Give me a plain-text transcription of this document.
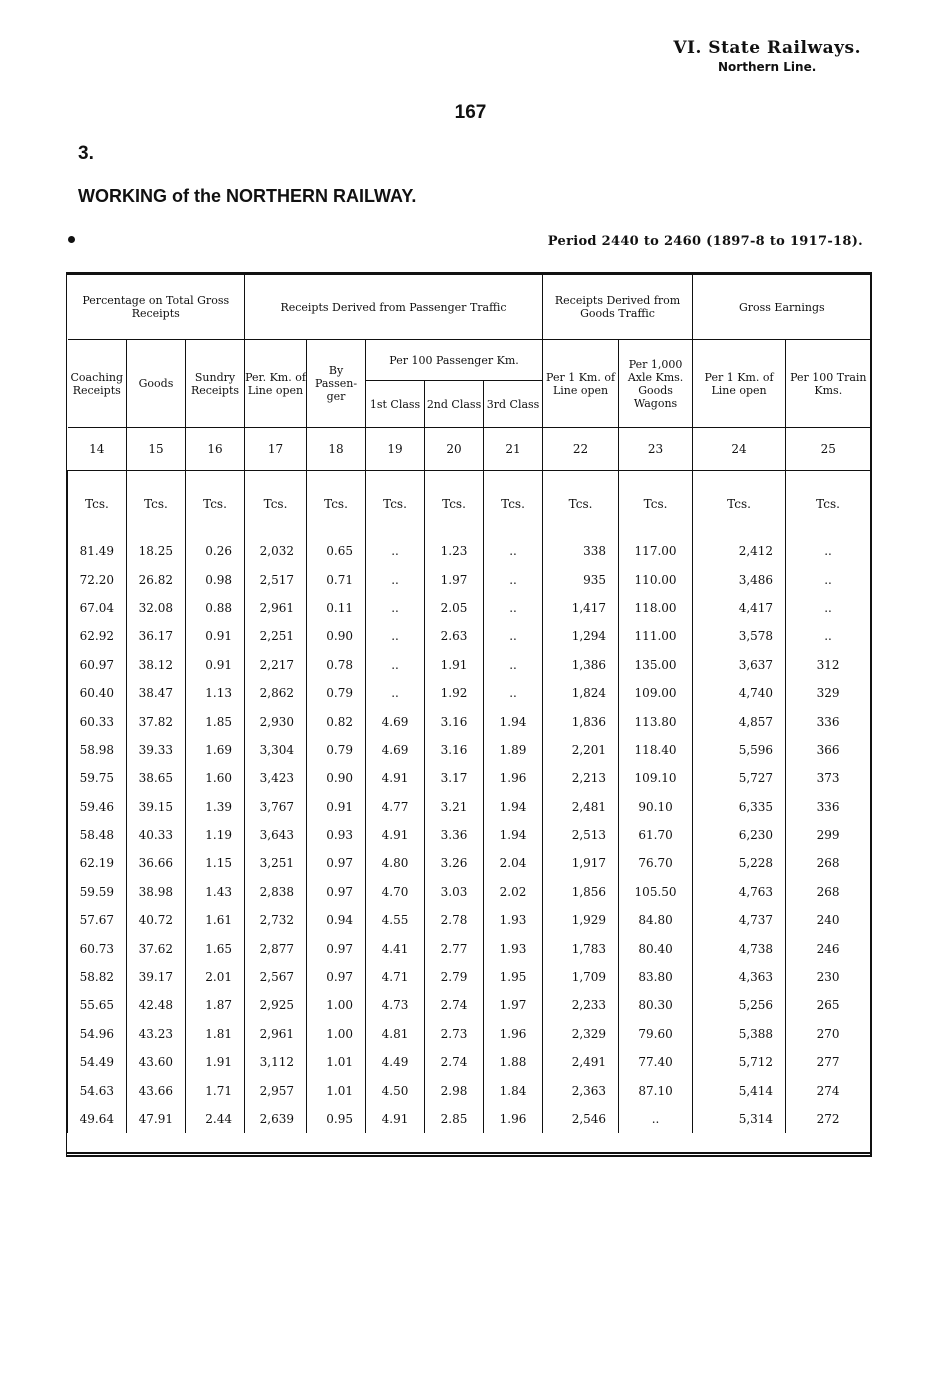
VI. State Railways.
Northern Line.
167
3.
WORKING of the NORTHERN RAILWAY.
Period 2440 to 2460 (1897-8 to 1917-18).
Percentage on Total Gross Receipts			Receipts Derived from Passenger Traffic					Receipts Derived from Goods Traffic		Gross Earnings	
Coaching Receipts	Goods	Sundry Receipts	Per. Km. of Line open	By Passen-ger	Per 100 Passenger Km.			Per 1 Km. of Line open	Per 1,000 Axle Kms. Goods Wagons	Per 1 Km. of Line open	Per 100 Train Kms.
					1st Class	2nd Class	3rd Class				
14	15	16	17	18	19	20	21	22	23	24	25
Tcs.	Tcs.	Tcs.	Tcs.	Tcs.	Tcs.	Tcs.	Tcs.	Tcs.	Tcs.	Tcs.	Tcs.
81.49	18.25	0.26	2,032	0.65	..	1.23	..	338	117.00	2,412	..
72.20	26.82	0.98	2,517	0.71	..	1.97	..	935	110.00	3,486	..
67.04	32.08	0.88	2,961	0.11	..	2.05	..	1,417	118.00	4,417	..
62.92	36.17	0.91	2,251	0.90	..	2.63	..	1,294	111.00	3,578	..
60.97	38.12	0.91	2,217	0.78	..	1.91	..	1,386	135.00	3,637	312
60.40	38.47	1.13	2,862	0.79	..	1.92	..	1,824	109.00	4,740	329
60.33	37.82	1.85	2,930	0.82	4.69	3.16	1.94	1,836	113.80	4,857	336
58.98	39.33	1.69	3,304	0.79	4.69	3.16	1.89	2,201	118.40	5,596	366
59.75	38.65	1.60	3,423	0.90	4.91	3.17	1.96	2,213	109.10	5,727	373
59.46	39.15	1.39	3,767	0.91	4.77	3.21	1.94	2,481	90.10	6,335	336
58.48	40.33	1.19	3,643	0.93	4.91	3.36	1.94	2,513	61.70	6,230	299
62.19	36.66	1.15	3,251	0.97	4.80	3.26	2.04	1,917	76.70	5,228	268
59.59	38.98	1.43	2,838	0.97	4.70	3.03	2.02	1,856	105.50	4,763	268
57.67	40.72	1.61	2,732	0.94	4.55	2.78	1.93	1,929	84.80	4,737	240
60.73	37.62	1.65	2,877	0.97	4.41	2.77	1.93	1,783	80.40	4,738	246
58.82	39.17	2.01	2,567	0.97	4.71	2.79	1.95	1,709	83.80	4,363	230
55.65	42.48	1.87	2,925	1.00	4.73	2.74	1.97	2,233	80.30	5,256	265
54.96	43.23	1.81	2,961	1.00	4.81	2.73	1.96	2,329	79.60	5,388	270
54.49	43.60	1.91	3,112	1.01	4.49	2.74	1.88	2,491	77.40	5,712	277
54.63	43.66	1.71	2,957	1.01	4.50	2.98	1.84	2,363	87.10	5,414	274
49.64	47.91	2.44	2,639	0.95	4.91	2.85	1.96	2,546	..	5,314	272
